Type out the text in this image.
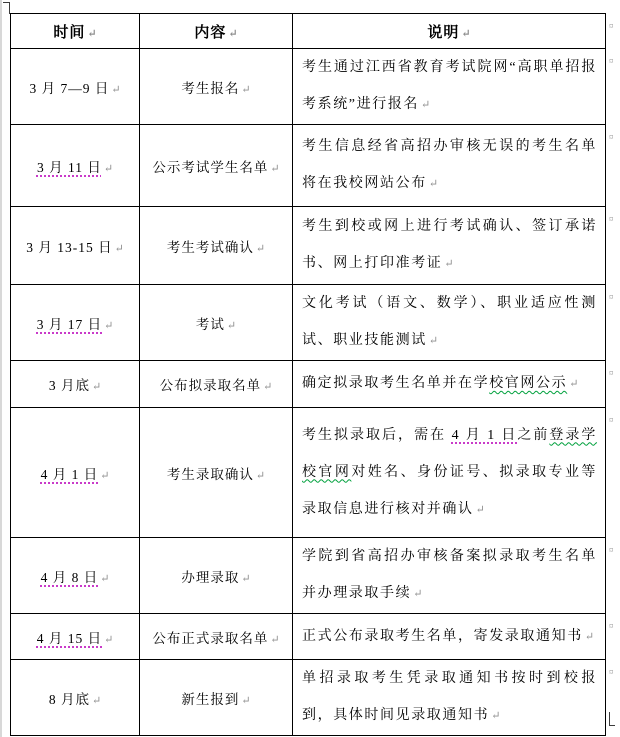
时间 ↵	内容 ↵	说明 ↵
3 月 7—9 日 ↵	考生报名 ↵	考生通过江西省教育考试院网“高职单招报考系统”进行报名 ↵
3 月 11 日 ↵	公示考试学生名单 ↵	考生信息经省高招办审核无误的考生名单将在我校网站公布 ↵
3 月 13-15 日 ↵	考生考试确认 ↵	考生到校或网上进行考试确认、签订承诺书、网上打印准考证 ↵
3 月 17 日 ↵	考试 ↵	文化考试（语文、数学）、职业适应性测试、职业技能测试 ↵
3 月底 ↵	公布拟录取名单 ↵	确定拟录取考生名单并在学校官网公示 ↵
4 月 1 日 ↵	考生录取确认 ↵	考生拟录取后，需在 4 月 1 日之前登录学校官网对姓名、身份证号、拟录取专业等录取信息进行核对并确认 ↵
4 月 8 日 ↵	办理录取 ↵	学院到省高招办审核备案拟录取考生名单并办理录取手续 ↵
4 月 15 日 ↵	公布正式录取名单 ↵	正式公布录取考生名单，寄发录取通知书 ↵
8 月底 ↵	新生报到 ↵	单招录取考生凭录取通知书按时到校报到，具体时间见录取通知书 ↵
¤
¤
¤
¤
¤
¤
¤
¤
¤
¤
